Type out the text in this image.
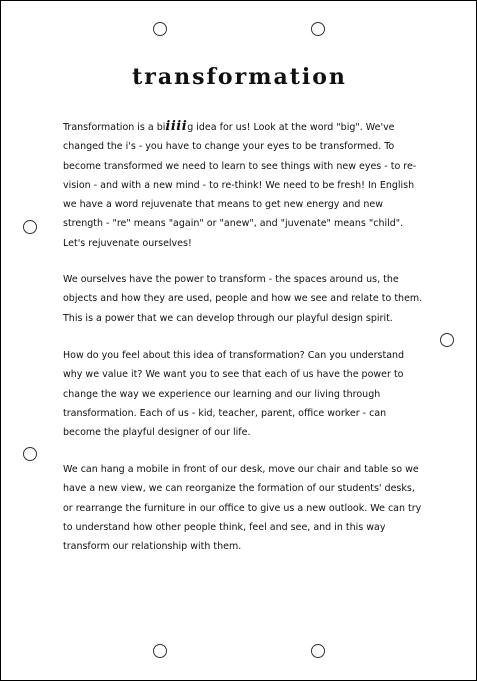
transformation
Transformation is a biiiiig idea for us! Look at the word "big". We've changed the i's - you have to change your eyes to be transformed. To become transformed we need to learn to see things with new eyes - to re-vision - and with a new mind - to re-think! We need to be fresh! In English we have a word rejuvenate that means to get new energy and new strength - "re" means "again" or "anew", and "juvenate" means "child".
Let's rejuvenate ourselves!
We ourselves have the power to transform - the spaces around us, the objects and how they are used, people and how we see and relate to them. This is a power that we can develop through our playful design spirit.
How do you feel about this idea of transformation? Can you understand why we value it? We want you to see that each of us have the power to change the way we experience our learning and our living through transformation. Each of us - kid, teacher, parent, office worker - can become the playful designer of our life.
We can hang a mobile in front of our desk, move our chair and table so we have a new view, we can reorganize the formation of our students' desks, or rearrange the furniture in our office to give us a new outlook. We can try to understand how other people think, feel and see, and in this way transform our relationship with them.
